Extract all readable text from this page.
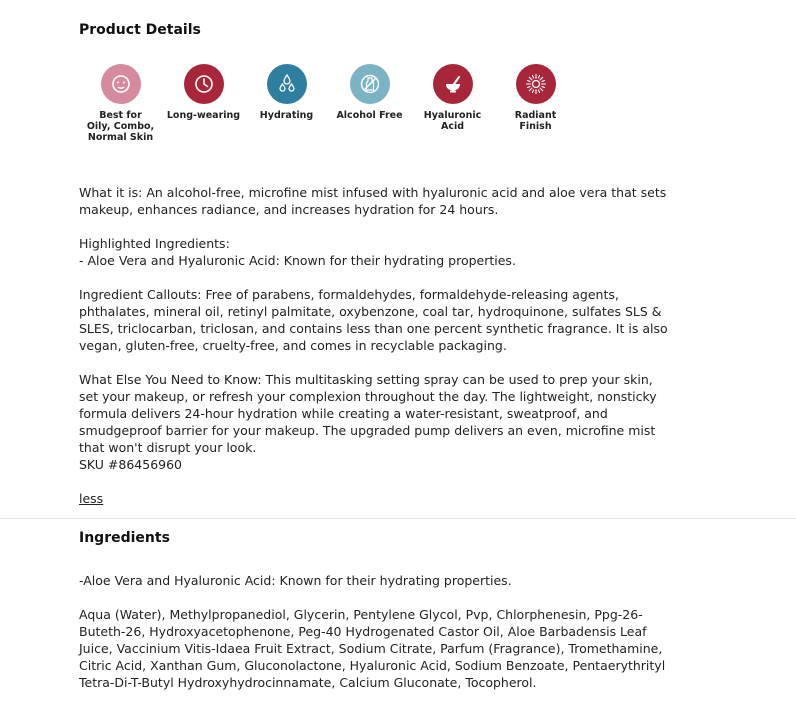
Product Details
Best for
Oily, Combo,
Normal Skin
Long-wearing	Hydrating	Alcohol Free	Hyaluronic
Acid
Radiant
Finish

What it is: An alcohol-free, microfine mist infused with hyaluronic acid and aloe vera that sets makeup, enhances radiance, and increases hydration for 24 hours.

Highlighted Ingredients:

- Aloe Vera and Hyaluronic Acid: Known for their hydrating properties.

Ingredient Callouts: Free of parabens, formaldehydes, formaldehyde-releasing agents, phthalates, mineral oil, retinyl palmitate, oxybenzone, coal tar, hydroquinone, sulfates SLS & SLES, triclocarban, triclosan, and contains less than one percent synthetic fragrance. It is also vegan, gluten-free, cruelty-free, and comes in recyclable packaging.

What Else You Need to Know: This multitasking setting spray can be used to prep your skin, set your makeup, or refresh your complexion throughout the day. The lightweight, nonsticky formula delivers 24-hour hydration while creating a water-resistant, sweatproof, and smudgeproof barrier for your makeup. The upgraded pump delivers an even, microfine mist that won't disrupt your look.

SKU #86456960

less
Ingredients

-Aloe Vera and Hyaluronic Acid: Known for their hydrating properties.

Aqua (Water), Methylpropanediol, Glycerin, Pentylene Glycol, Pvp, Chlorphenesin, Ppg-26-Buteth-26, Hydroxyacetophenone, Peg-40 Hydrogenated Castor Oil, Aloe Barbadensis Leaf Juice, Vaccinium Vitis-Idaea Fruit Extract, Sodium Citrate, Parfum (Fragrance), Tromethamine, Citric Acid, Xanthan Gum, Gluconolactone, Hyaluronic Acid, Sodium Benzoate, Pentaerythrityl Tetra-Di-T-Butyl Hydroxyhydrocinnamate, Calcium Gluconate, Tocopherol.
